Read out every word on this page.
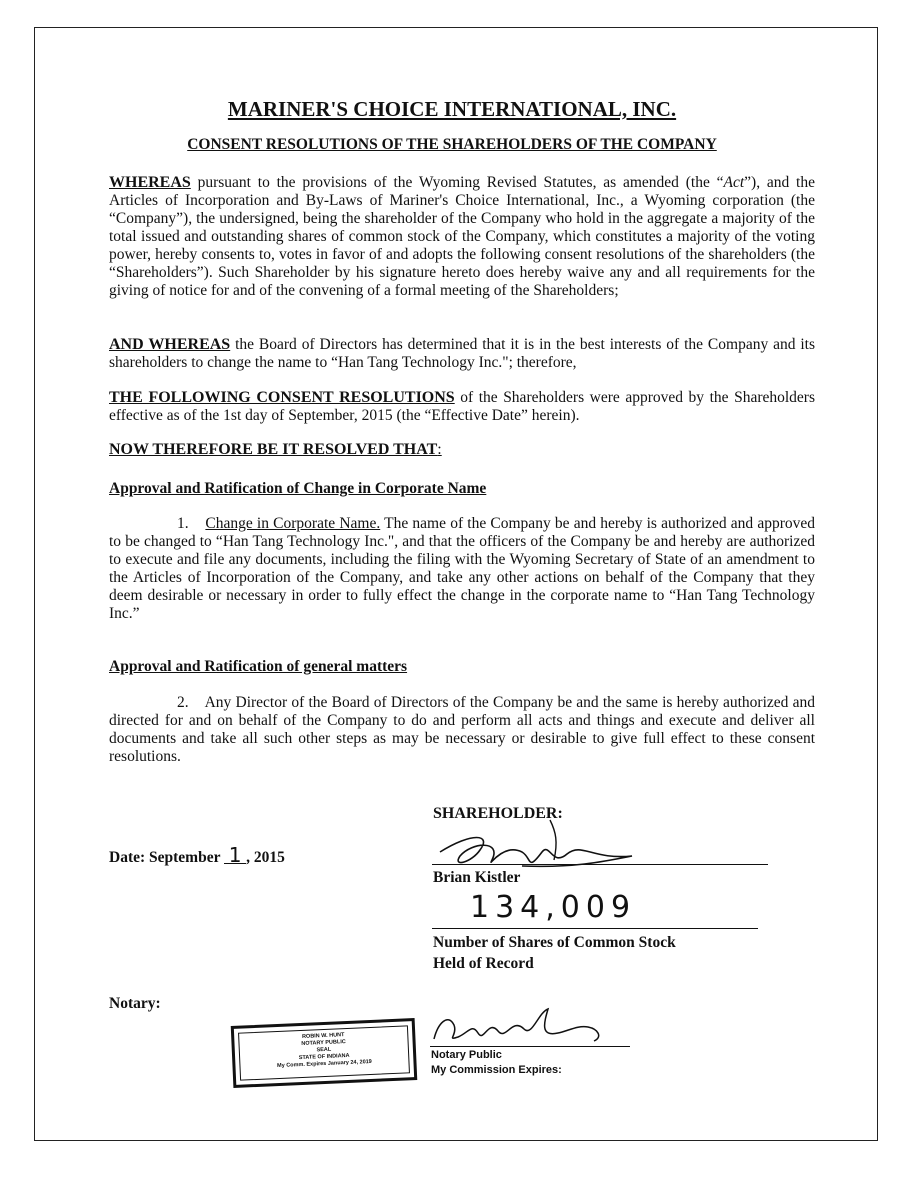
MARINER'S CHOICE INTERNATIONAL, INC.
CONSENT RESOLUTIONS OF THE SHAREHOLDERS OF THE COMPANY
WHEREAS pursuant to the provisions of the Wyoming Revised Statutes, as amended (the “Act”), and the Articles of Incorporation and By-Laws of Mariner's Choice International, Inc., a Wyoming corporation (the “Company”), the undersigned, being the shareholder of the Company who hold in the aggregate a majority of the total issued and outstanding shares of common stock of the Company, which constitutes a majority of the voting power, hereby consents to, votes in favor of and adopts the following consent resolutions of the shareholders (the “Shareholders”). Such Shareholder by his signature hereto does hereby waive any and all requirements for the giving of notice for and of the convening of a formal meeting of the Shareholders;
AND WHEREAS the Board of Directors has determined that it is in the best interests of the Company and its shareholders to change the name to “Han Tang Technology Inc."; therefore,
THE FOLLOWING CONSENT RESOLUTIONS of the Shareholders were approved by the Shareholders effective as of the 1st day of September, 2015 (the “Effective Date” herein).
NOW THEREFORE BE IT RESOLVED THAT:
Approval and Ratification of Change in Corporate Name
1. Change in Corporate Name. The name of the Company be and hereby is authorized and approved to be changed to “Han Tang Technology Inc.", and that the officers of the Company be and hereby are authorized to execute and file any documents, including the filing with the Wyoming Secretary of State of an amendment to the Articles of Incorporation of the Company, and take any other actions on behalf of the Company that they deem desirable or necessary in order to fully effect the change in the corporate name to “Han Tang Technology Inc.”
Approval and Ratification of general matters
2.    Any Director of the Board of Directors of the Company be and the same is hereby authorized and directed for and on behalf of the Company to do and perform all acts and things and execute and deliver all documents and take all such other steps as may be necessary or desirable to give full effect to these consent resolutions.
SHAREHOLDER:
Date: September 1 , 2015
Brian Kistler
134,009
Number of Shares of Common Stock
Held of Record
Notary:
ROBIN W. HUNT
NOTARY PUBLIC
SEAL
STATE OF INDIANA
My Comm. Expires January 24, 2019
Notary Public
My Commission Expires:
